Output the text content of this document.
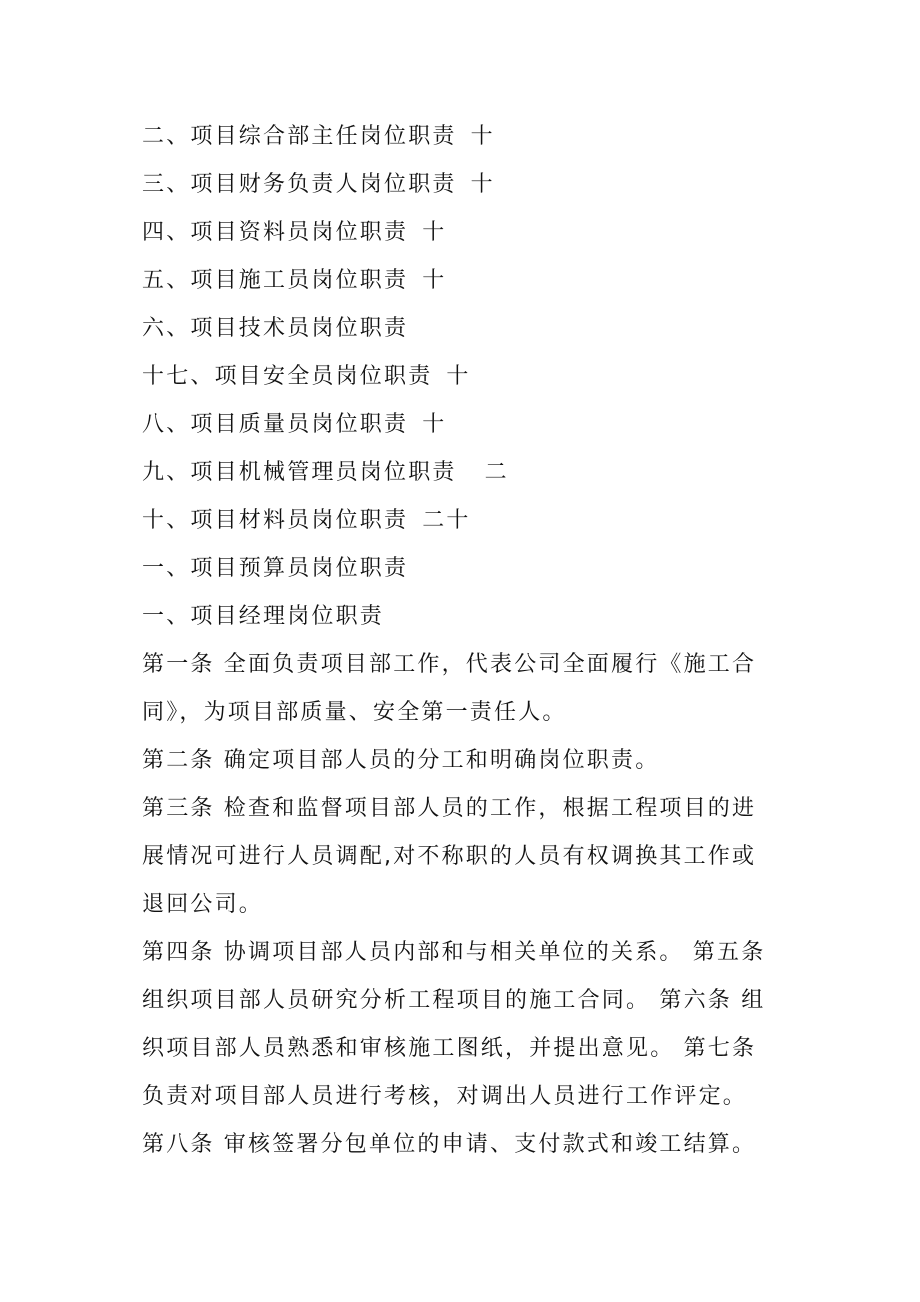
二、项目综合部主任岗位职责 十
三、项目财务负责人岗位职责 十
四、项目资料员岗位职责 十
五、项目施工员岗位职责 十
六、项目技术员岗位职责
十七、项目安全员岗位职责 十
八、项目质量员岗位职责 十
九、项目机械管理员岗位职责 二
十、项目材料员岗位职责 二十
一、项目预算员岗位职责
一、项目经理岗位职责

第一条 全面负责项目部工作，代表公司全面履行《施工合
同》，为项目部质量、安全第一责任人。

第二条 确定项目部人员的分工和明确岗位职责。

第三条 检查和监督项目部人员的工作，根据工程项目的进
展情况可进行人员调配,对不称职的人员有权调换其工作或
退回公司。

第四条 协调项目部人员内部和与相关单位的关系。 第五条
组织项目部人员研究分析工程项目的施工合同。 第六条 组
织项目部人员熟悉和审核施工图纸，并提出意见。 第七条
负责对项目部人员进行考核，对调出人员进行工作评定。

第八条 审核签署分包单位的申请、支付款式和竣工结算。
